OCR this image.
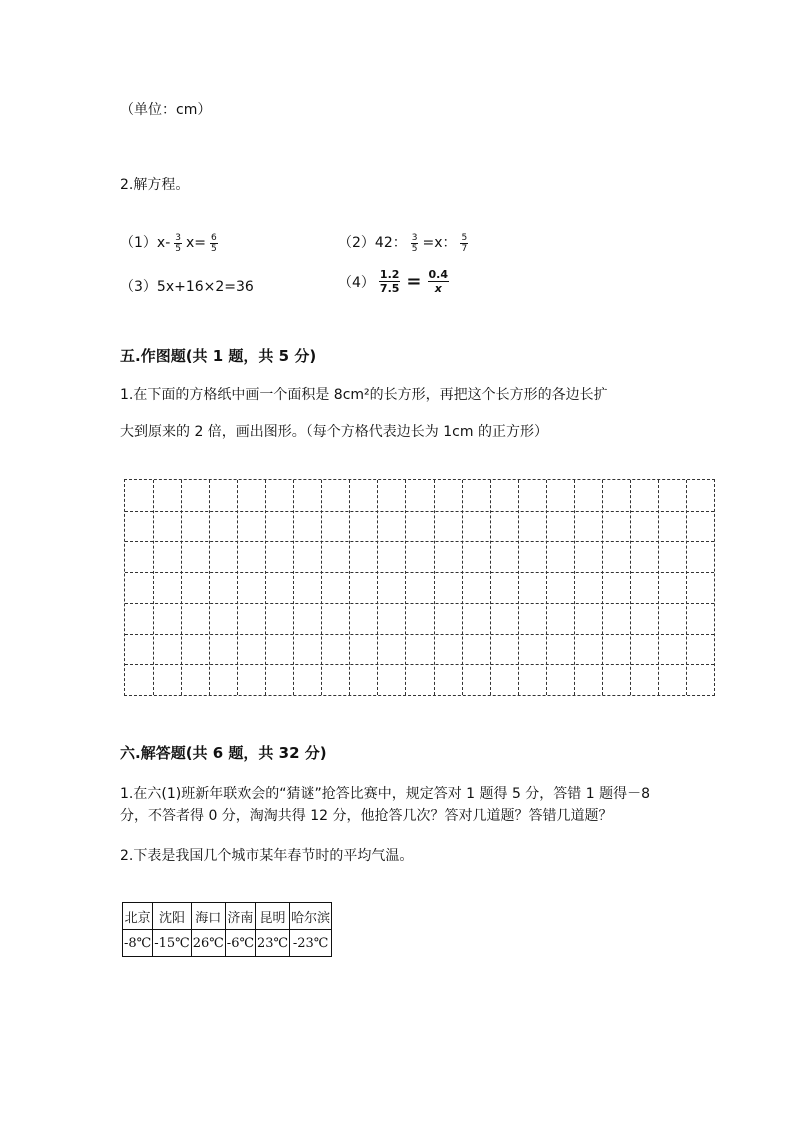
（单位：cm）
2.解方程。
$(1)x- \frac{3}{5} x= \frac{6}{5}$	（2）42： $\frac{3}{5} =x$： $\frac{5}{7}$
（3）5x+16×2=36	$(4) \frac{1.2}{7.5} = \frac{0.4}{x}$
五.作图题(共 1 题，共 5 分)
1.在下面的方格纸中画一个面积是 8cm²的长方形，再把这个长方形的各边长扩
大到原来的 2 倍，画出图形。（每个方格代表边长为 1cm 的正方形）
六.解答题(共 6 题，共 32 分)
1.在六(1)班新年联欢会的“猜谜”抢答比赛中，规定答对 1 题得 5 分，答错 1 题得－8 分，不答者得 0 分，淘淘共得 12 分，他抢答几次？答对几道题？答错几道题？
2.下表是我国几个城市某年春节时的平均气温。
北京	沈阳	海口	济南	昆明	哈尔滨
-8℃	-15℃	26℃	-6℃	23℃	-23℃
